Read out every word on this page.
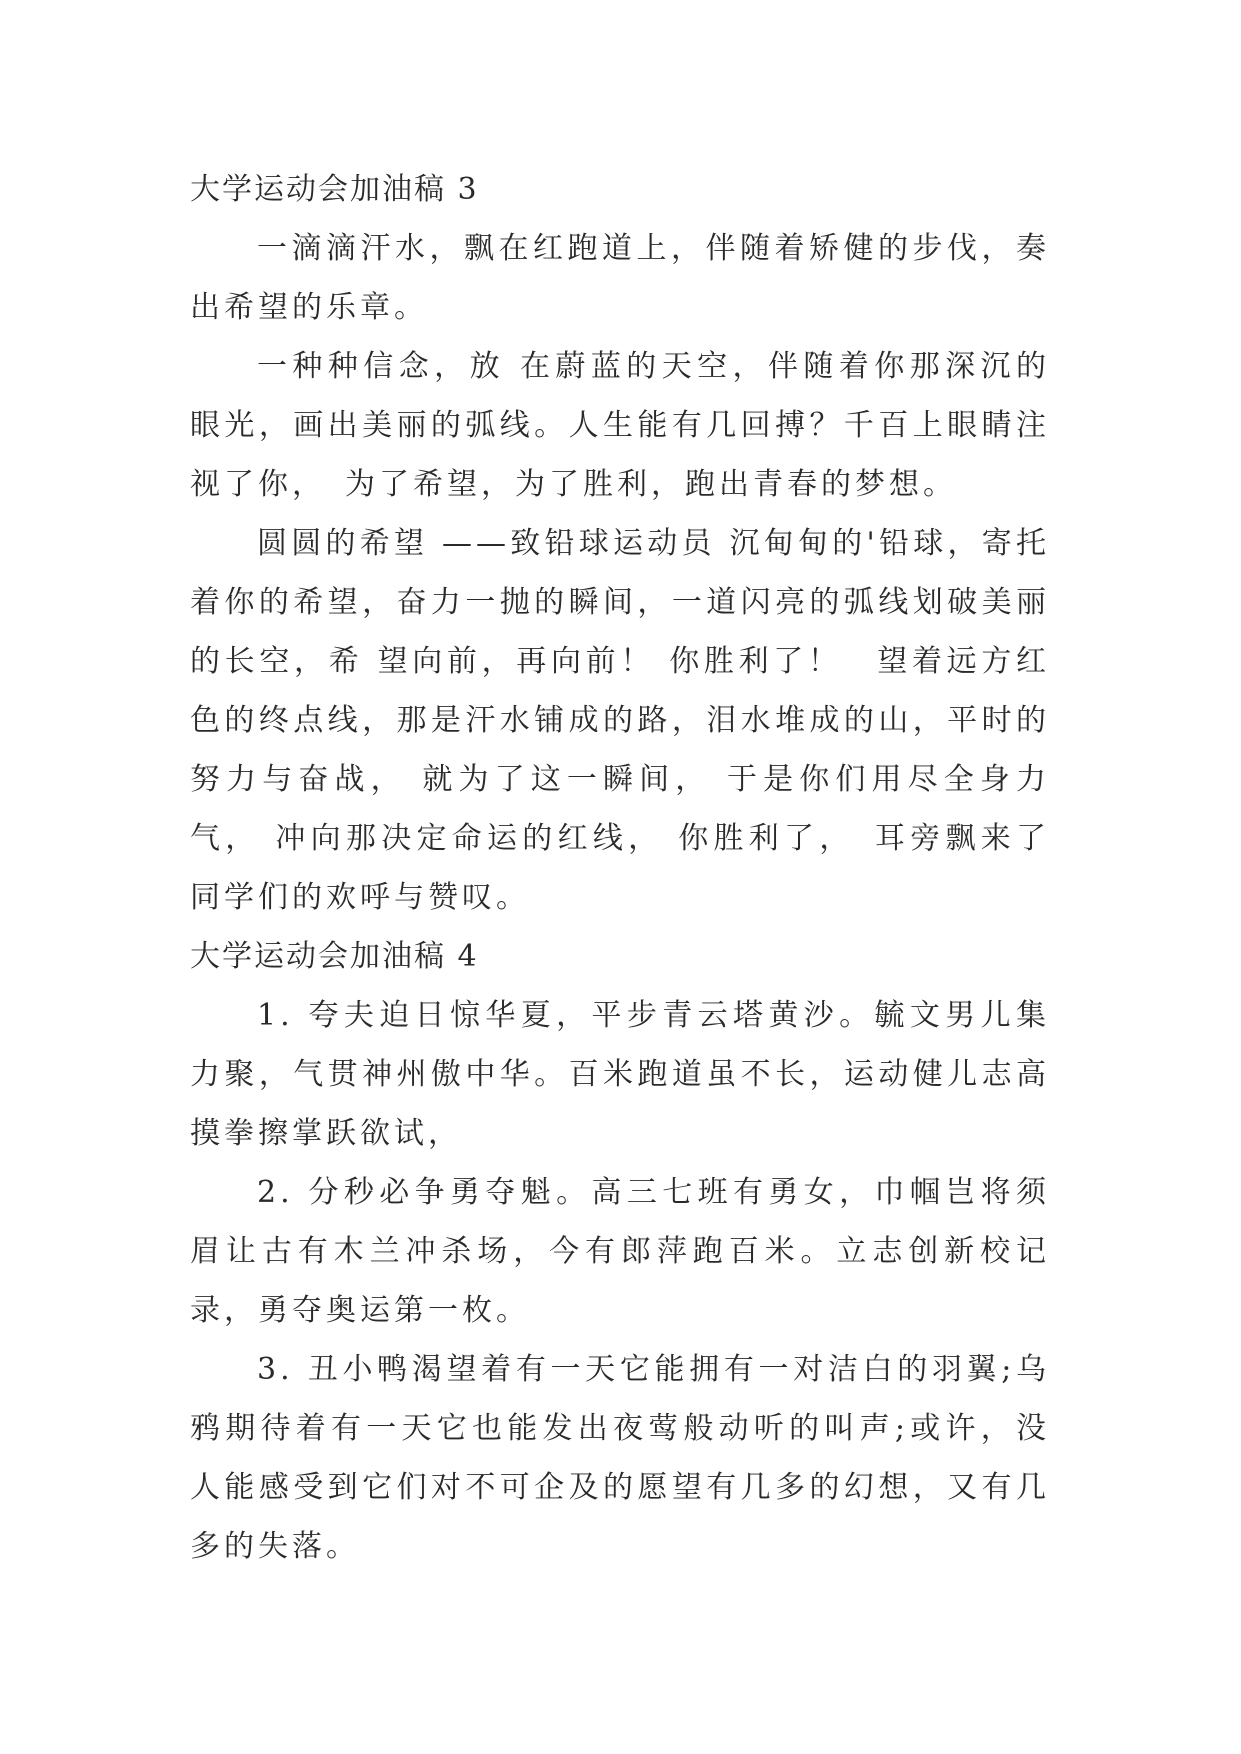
大学运动会加油稿 3

一滴滴汗水，飘在红跑道上，伴随着矫健的步伐，奏出希望的乐章。

一种种信念，放 在蔚蓝的天空，伴随着你那深沉的眼光，画出美丽的弧线。人生能有几回搏？千百上眼睛注 视了你，　为了希望，为了胜利，跑出青春的梦想。

圆圆的希望 ——致铅球运动员 沉甸甸的'铅球，寄托着你的希望，奋力一抛的瞬间，一道闪亮的弧线划破美丽的长空，希 望向前，再向前！ 你胜利了！　望着远方红色的终点线，那是汗水铺成的路，泪水堆成的山，平时的努力与奋战， 就为了这一瞬间， 于是你们用尽全身力气， 冲向那决定命运的红线， 你胜利了，　耳旁飘来了同学们的欢呼与赞叹。

大学运动会加油稿 4

1. 夸夫迫日惊华夏，平步青云塔黄沙。毓文男儿集力聚，气贯神州傲中华。百米跑道虽不长，运动健儿志高摸拳擦掌跃欲试，

2. 分秒必争勇夺魁。高三七班有勇女，巾帼岂将须眉让古有木兰冲杀场，今有郎萍跑百米。立志创新校记录，勇夺奥运第一枚。

3. 丑小鸭渴望着有一天它能拥有一对洁白的羽翼;乌鸦期待着有一天它也能发出夜莺般动听的叫声;或许，没人能感受到它们对不可企及的愿望有几多的幻想，又有几多的失落。
